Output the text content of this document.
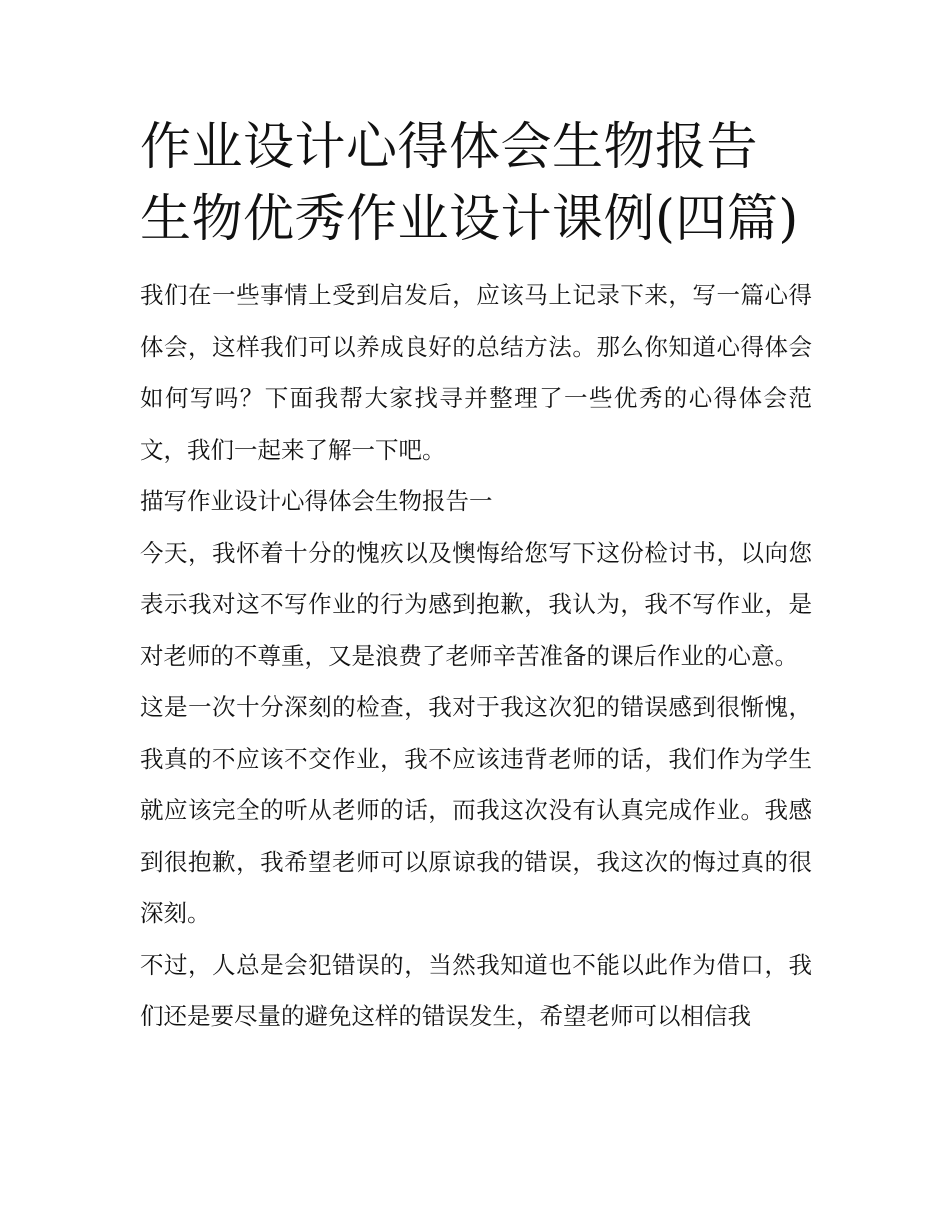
作业设计心得体会生物报告 生物优秀作业设计课例(四篇)

我们在一些事情上受到启发后，应该马上记录下来，写一篇心得体会，这样我们可以养成良好的总结方法。那么你知道心得体会如何写吗？下面我帮大家找寻并整理了一些优秀的心得体会范文，我们一起来了解一下吧。

描写作业设计心得体会生物报告一

今天，我怀着十分的愧疚以及懊悔给您写下这份检讨书，以向您表示我对这不写作业的行为感到抱歉，我认为，我不写作业，是对老师的不尊重，又是浪费了老师辛苦准备的课后作业的心意。

这是一次十分深刻的检查，我对于我这次犯的错误感到很惭愧，我真的不应该不交作业，我不应该违背老师的话，我们作为学生就应该完全的听从老师的话，而我这次没有认真完成作业。我感到很抱歉，我希望老师可以原谅我的错误，我这次的悔过真的很深刻。

不过，人总是会犯错误的，当然我知道也不能以此作为借口，我们还是要尽量的避免这样的错误发生，希望老师可以相信我
